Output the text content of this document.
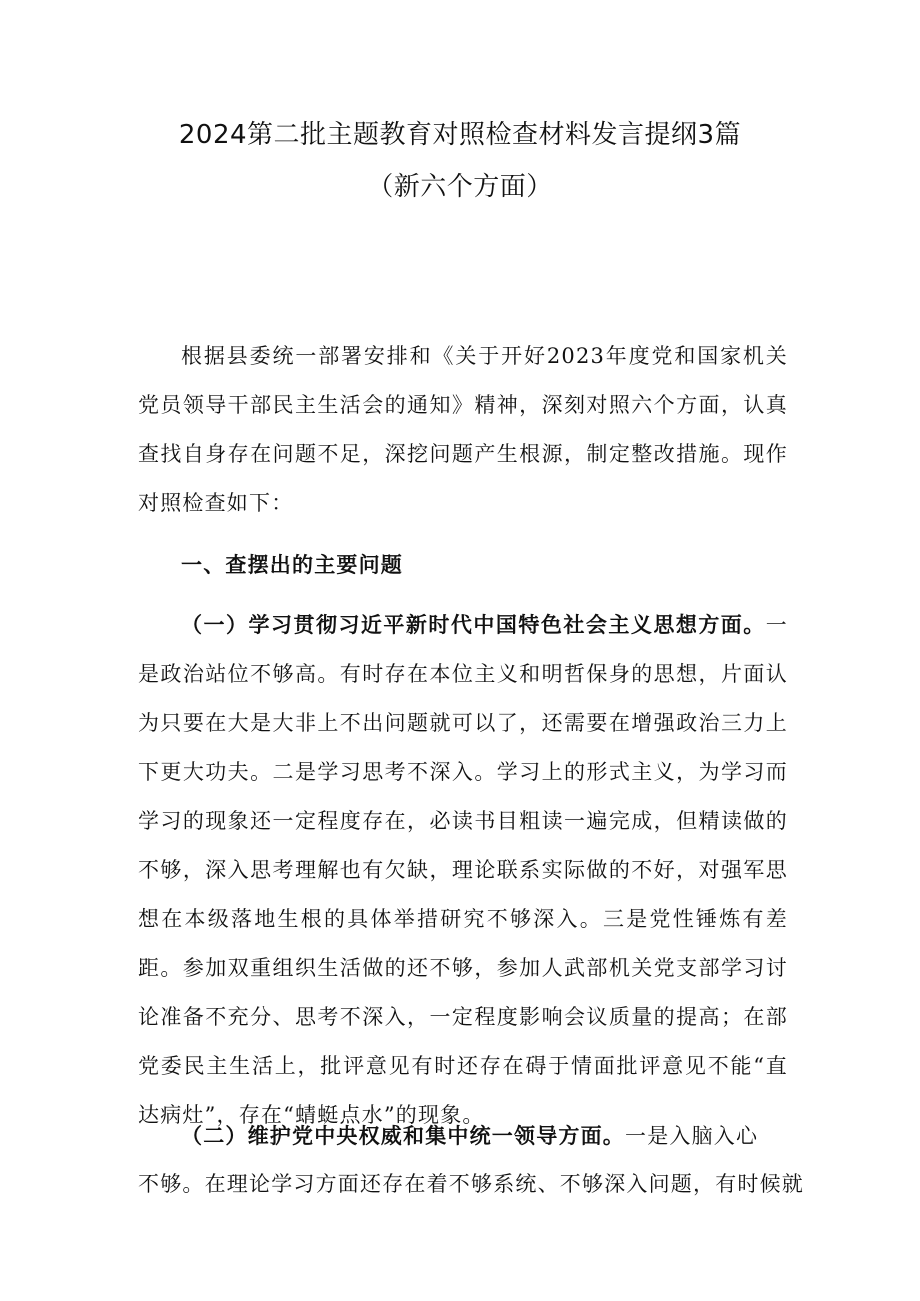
2024第二批主题教育对照检查材料发言提纲3篇
（新六个方面）

根据县委统一部署安排和《关于开好2023年度党和国家机关党员领导干部民主生活会的通知》精神，深刻对照六个方面，认真查找自身存在问题不足，深挖问题产生根源，制定整改措施。现作对照检查如下：

一、查摆出的主要问题

（一）学习贯彻习近平新时代中国特色社会主义思想方面。一是政治站位不够高。有时存在本位主义和明哲保身的思想，片面认为只要在大是大非上不出问题就可以了，还需要在增强政治三力上下更大功夫。二是学习思考不深入。学习上的形式主义，为学习而学习的现象还一定程度存在，必读书目粗读一遍完成，但精读做的不够，深入思考理解也有欠缺，理论联系实际做的不好，对强军思想在本级落地生根的具体举措研究不够深入。三是党性锤炼有差距。参加双重组织生活做的还不够，参加人武部机关党支部学习讨论准备不充分、思考不深入，一定程度影响会议质量的提高；在部党委民主生活上，批评意见有时还存在碍于情面批评意见不能“直达病灶”，存在“蜻蜓点水”的现象。

（二）维护党中央权威和集中统一领导方面。一是入脑入心
不够。在理论学习方面还存在着不够系统、不够深入问题，有时候就
